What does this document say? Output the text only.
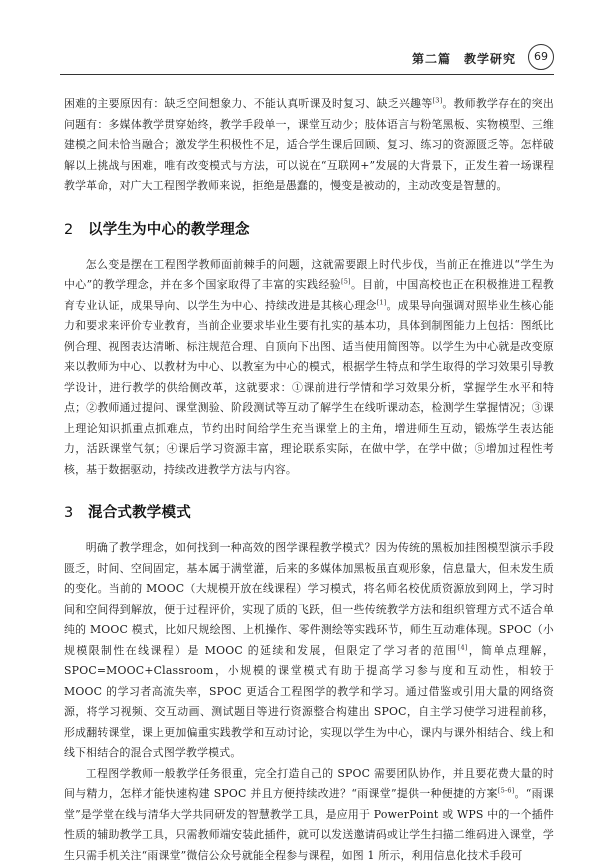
第二篇　教学研究	69

困难的主要原因有：缺乏空间想象力、不能认真听课及时复习、缺乏兴趣等[3]。教师教学存在的突出问题有：多媒体教学贯穿始终，教学手段单一，课堂互动少；肢体语言与粉笔黑板、实物模型、三维建模之间未恰当融合；激发学生积极性不足，适合学生课后回顾、复习、练习的资源匮乏等。怎样破解以上挑战与困难，唯有改变模式与方法，可以说在“互联网+”发展的大背景下，正发生着一场课程教学革命，对广大工程图学教师来说，拒绝是愚蠢的，慢变是被动的，主动改变是智慧的。

2 以学生为中心的教学理念

怎么变是摆在工程图学教师面前棘手的问题，这就需要跟上时代步伐，当前正在推进以“学生为中心”的教学理念，并在多个国家取得了丰富的实践经验[5]。目前，中国高校也正在积极推进工程教育专业认证，成果导向、以学生为中心、持续改进是其核心理念[1]。成果导向强调对照毕业生核心能力和要求来评价专业教育，当前企业要求毕业生要有扎实的基本功，具体到制图能力上包括：图纸比例合理、视图表达清晰、标注规范合理、自顶向下出图、适当使用简图等。以学生为中心就是改变原来以教师为中心、以教材为中心、以教室为中心的模式，根据学生特点和学生取得的学习效果引导教学设计，进行教学的供给侧改革，这就要求：①课前进行学情和学习效果分析，掌握学生水平和特点；②教师通过提问、课堂测验、阶段测试等互动了解学生在线听课动态，检测学生掌握情况；③课上理论知识抓重点抓难点，节约出时间给学生充当课堂上的主角，增进师生互动，锻炼学生表达能力，活跃课堂气氛；④课后学习资源丰富，理论联系实际，在做中学，在学中做；⑤增加过程性考核，基于数据驱动，持续改进教学方法与内容。

3 混合式教学模式

明确了教学理念，如何找到一种高效的图学课程教学模式？因为传统的黑板加挂图模型演示手段匮乏，时间、空间固定，基本属于满堂灌，后来的多媒体加黑板虽直观形象，信息量大，但未发生质的变化。当前的 MOOC（大规模开放在线课程）学习模式，将名师名校优质资源放到网上，学习时间和空间得到解放，便于过程评价，实现了质的飞跃，但一些传统教学方法和组织管理方式不适合单纯的 MOOC 模式，比如尺规绘图、上机操作、零件测绘等实践环节，师生互动难体现。SPOC（小规模限制性在线课程）是 MOOC 的延续和发展，但限定了学习者的范围[4]，简单点理解，SPOC=MOOC+Classroom，小规模的课堂模式有助于提高学习参与度和互动性，相较于 MOOC 的学习者高流失率，SPOC 更适合工程图学的教学和学习。通过借鉴或引用大量的网络资源，将学习视频、交互动画、测试题目等进行资源整合构建出 SPOC，自主学习使学习进程前移，形成翻转课堂，课上更加偏重实践教学和互动讨论，实现以学生为中心，课内与课外相结合、线上和线下相结合的混合式图学教学模式。

工程图学教师一般教学任务很重，完全打造自己的 SPOC 需要团队协作，并且要花费大量的时间与精力，怎样才能快速构建 SPOC 并且方便持续改进？“雨课堂”提供一种便捷的方案[5-6]。“雨课堂”是学堂在线与清华大学共同研发的智慧教学工具，是应用于 PowerPoint 或 WPS 中的一个插件性质的辅助教学工具，只需教师端安装此插件，就可以发送邀请码或让学生扫描二维码进入课堂，学生只需手机关注“雨课堂”微信公众号就能全程参与课程，如图 1 所示，利用信息化技术手段可
